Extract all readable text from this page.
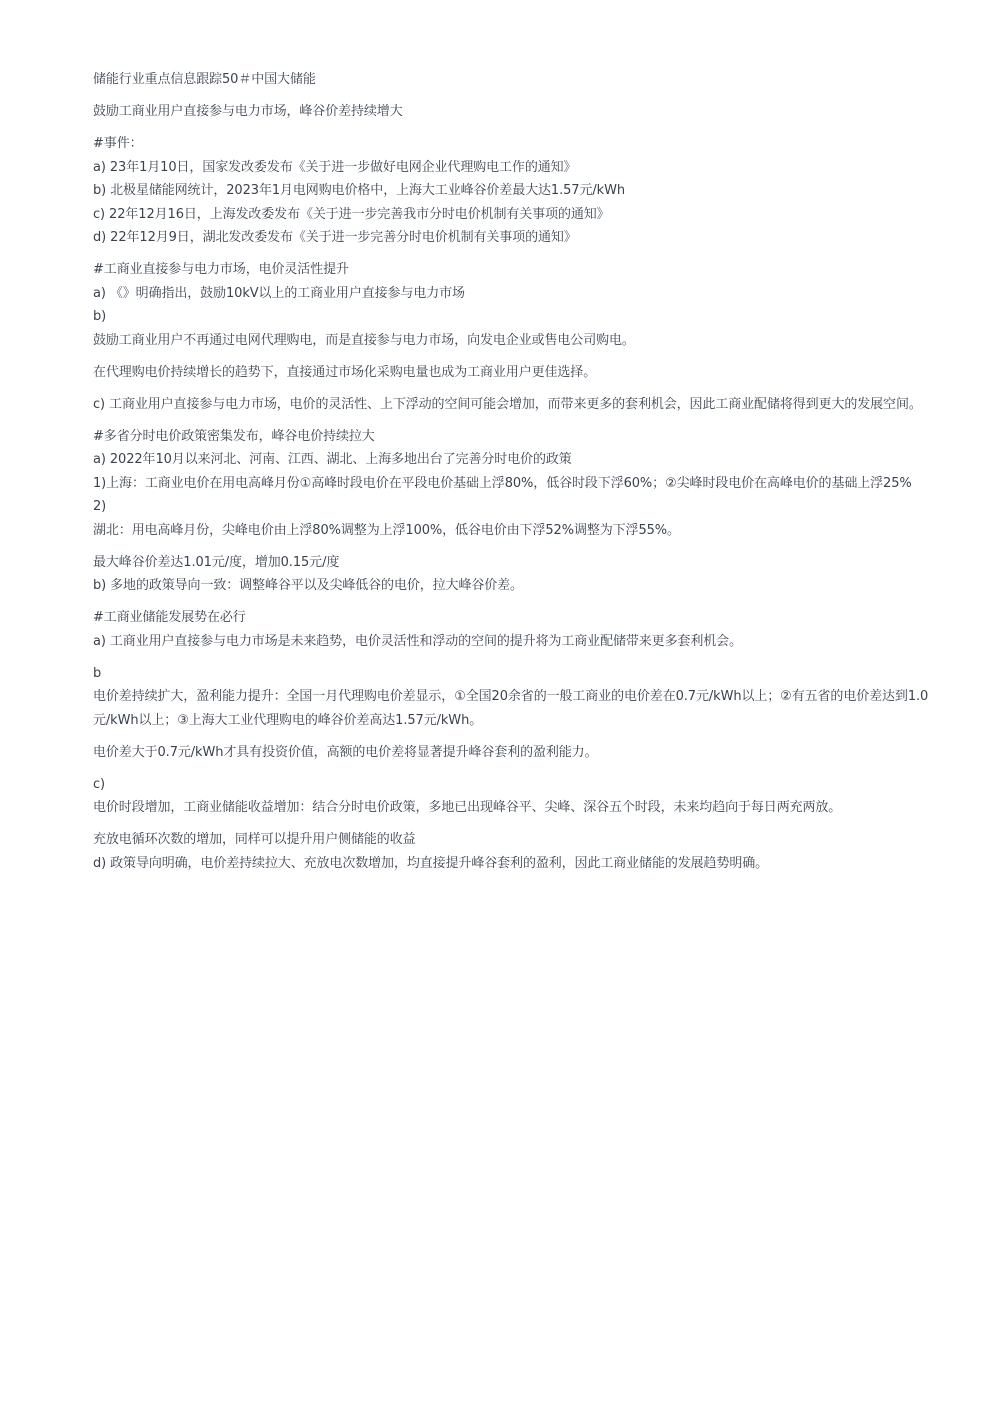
储能行业重点信息跟踪50＃中国大储能

鼓励工商业用户直接参与电力市场，峰谷价差持续增大

#事件：

a) 23年1月10日，国家发改委发布《关于进一步做好电网企业代理购电工作的通知》

b) 北极星储能网统计，2023年1月电网购电价格中，上海大工业峰谷价差最大达1.57元/kWh

c) 22年12月16日，上海发改委发布《关于进一步完善我市分时电价机制有关事项的通知》

d) 22年12月9日，湖北发改委发布《关于进一步完善分时电价机制有关事项的通知》

#工商业直接参与电力市场，电价灵活性提升

a) 《》明确指出，鼓励10kV以上的工商业用户直接参与电力市场

b)

鼓励工商业用户不再通过电网代理购电，而是直接参与电力市场，向发电企业或售电公司购电。

在代理购电价持续增长的趋势下，直接通过市场化采购电量也成为工商业用户更佳选择。

c) 工商业用户直接参与电力市场，电价的灵活性、上下浮动的空间可能会增加，而带来更多的套利机会，因此工商业配储将得到更大的发展空间。

#多省分时电价政策密集发布，峰谷电价持续拉大

a) 2022年10月以来河北、河南、江西、湖北、上海多地出台了完善分时电价的政策

1)上海：工商业电价在用电高峰月份①高峰时段电价在平段电价基础上浮80%，低谷时段下浮60%；②尖峰时段电价在高峰电价的基础上浮25%

2)

湖北：用电高峰月份，尖峰电价由上浮80%调整为上浮100%，低谷电价由下浮52%调整为下浮55%。

最大峰谷价差达1.01元/度，增加0.15元/度

b) 多地的政策导向一致：调整峰谷平以及尖峰低谷的电价，拉大峰谷价差。

#工商业储能发展势在必行

a) 工商业用户直接参与电力市场是未来趋势，电价灵活性和浮动的空间的提升将为工商业配储带来更多套利机会。

b

电价差持续扩大，盈利能力提升：全国一月代理购电价差显示，①全国20余省的一般工商业的电价差在0.7元/kWh以上；②有五省的电价差达到1.0元/kWh以上；③上海大工业代理购电的峰谷价差高达1.57元/kWh。

电价差大于0.7元/kWh才具有投资价值，高额的电价差将显著提升峰谷套利的盈利能力。

c)

电价时段增加，工商业储能收益增加：结合分时电价政策，多地已出现峰谷平、尖峰、深谷五个时段，未来均趋向于每日两充两放。

充放电循环次数的增加，同样可以提升用户侧储能的收益

d) 政策导向明确，电价差持续拉大、充放电次数增加，均直接提升峰谷套利的盈利，因此工商业储能的发展趋势明确。
